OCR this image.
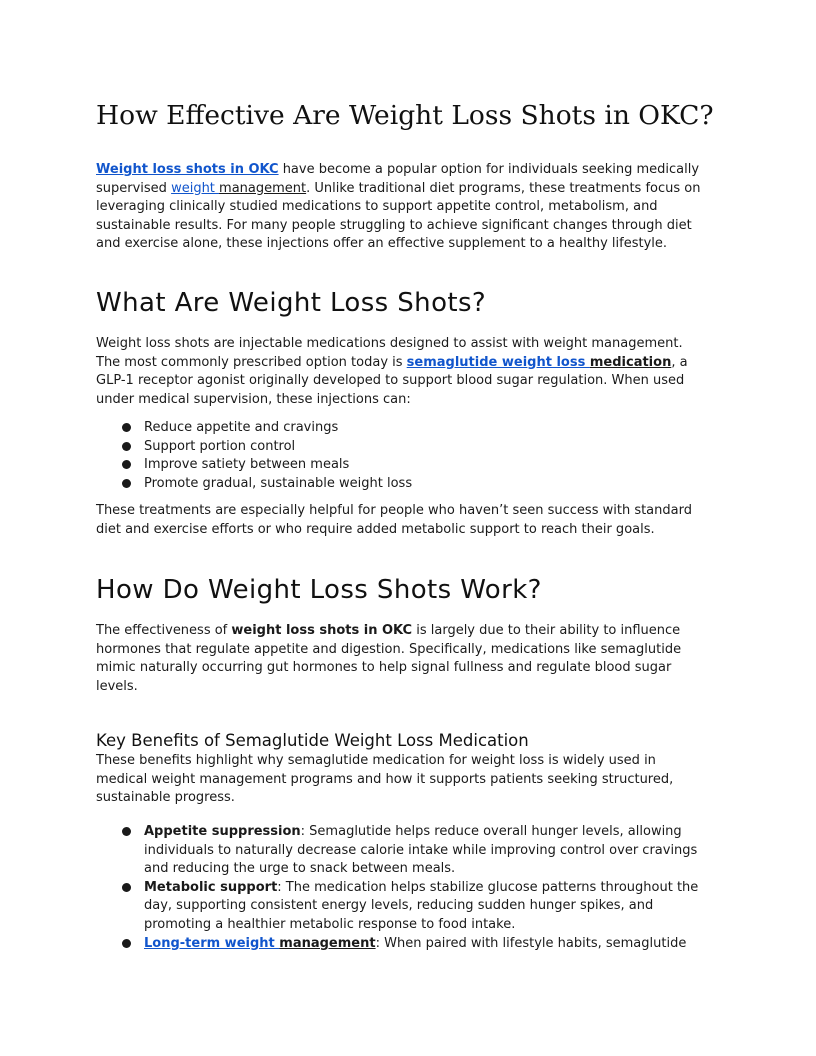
How Effective Are Weight Loss Shots in OKC?
Weight loss shots in OKC have become a popular option for individuals seeking medically
supervised weight management. Unlike traditional diet programs, these treatments focus on
leveraging clinically studied medications to support appetite control, metabolism, and
sustainable results. For many people struggling to achieve significant changes through diet
and exercise alone, these injections offer an effective supplement to a healthy lifestyle.
What Are Weight Loss Shots?
Weight loss shots are injectable medications designed to assist with weight management.
The most commonly prescribed option today is semaglutide weight loss medication, a
GLP-1 receptor agonist originally developed to support blood sugar regulation. When used
under medical supervision, these injections can:
Reduce appetite and cravings
Support portion control
Improve satiety between meals
Promote gradual, sustainable weight loss
These treatments are especially helpful for people who haven’t seen success with standard
diet and exercise efforts or who require added metabolic support to reach their goals.
How Do Weight Loss Shots Work?
The effectiveness of weight loss shots in OKC is largely due to their ability to influence
hormones that regulate appetite and digestion. Specifically, medications like semaglutide
mimic naturally occurring gut hormones to help signal fullness and regulate blood sugar
levels.
Key Benefits of Semaglutide Weight Loss Medication
These benefits highlight why semaglutide medication for weight loss is widely used in
medical weight management programs and how it supports patients seeking structured,
sustainable progress.
Appetite suppression: Semaglutide helps reduce overall hunger levels, allowing
individuals to naturally decrease calorie intake while improving control over cravings
and reducing the urge to snack between meals.
Metabolic support: The medication helps stabilize glucose patterns throughout the
day, supporting consistent energy levels, reducing sudden hunger spikes, and
promoting a healthier metabolic response to food intake.
Long-term weight management: When paired with lifestyle habits, semaglutide
